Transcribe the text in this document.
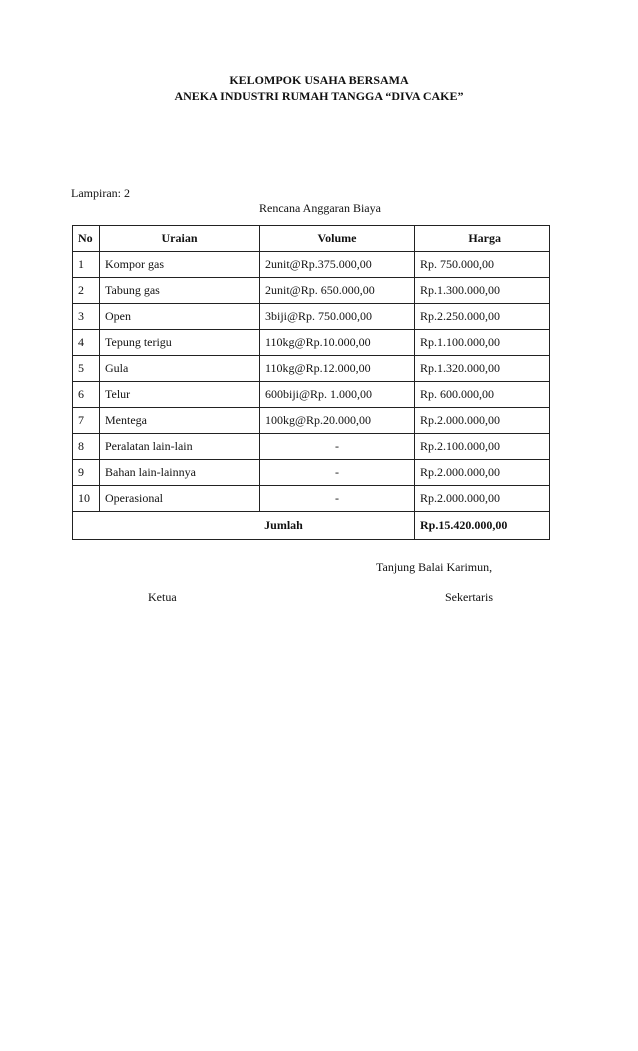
KELOMPOK USAHA BERSAMA
ANEKA INDUSTRI RUMAH TANGGA “DIVA CAKE”
Lampiran: 2
Rencana Anggaran Biaya
No	Uraian	Volume	Harga
1	Kompor gas	2unit@Rp.375.000,00	Rp. 750.000,00
2	Tabung gas	2unit@Rp. 650.000,00	Rp.1.300.000,00
3	Open	3biji@Rp. 750.000,00	Rp.2.250.000,00
4	Tepung terigu	110kg@Rp.10.000,00	Rp.1.100.000,00
5	Gula	110kg@Rp.12.000,00	Rp.1.320.000,00
6	Telur	600biji@Rp. 1.000,00	Rp. 600.000,00
7	Mentega	100kg@Rp.20.000,00	Rp.2.000.000,00
8	Peralatan lain-lain	-	Rp.2.100.000,00
9	Bahan lain-lainnya	-	Rp.2.000.000,00
10	Operasional	-	Rp.2.000.000,00
Jumlah			Rp.15.420.000,00
Tanjung Balai Karimun,
Ketua	Sekertaris
